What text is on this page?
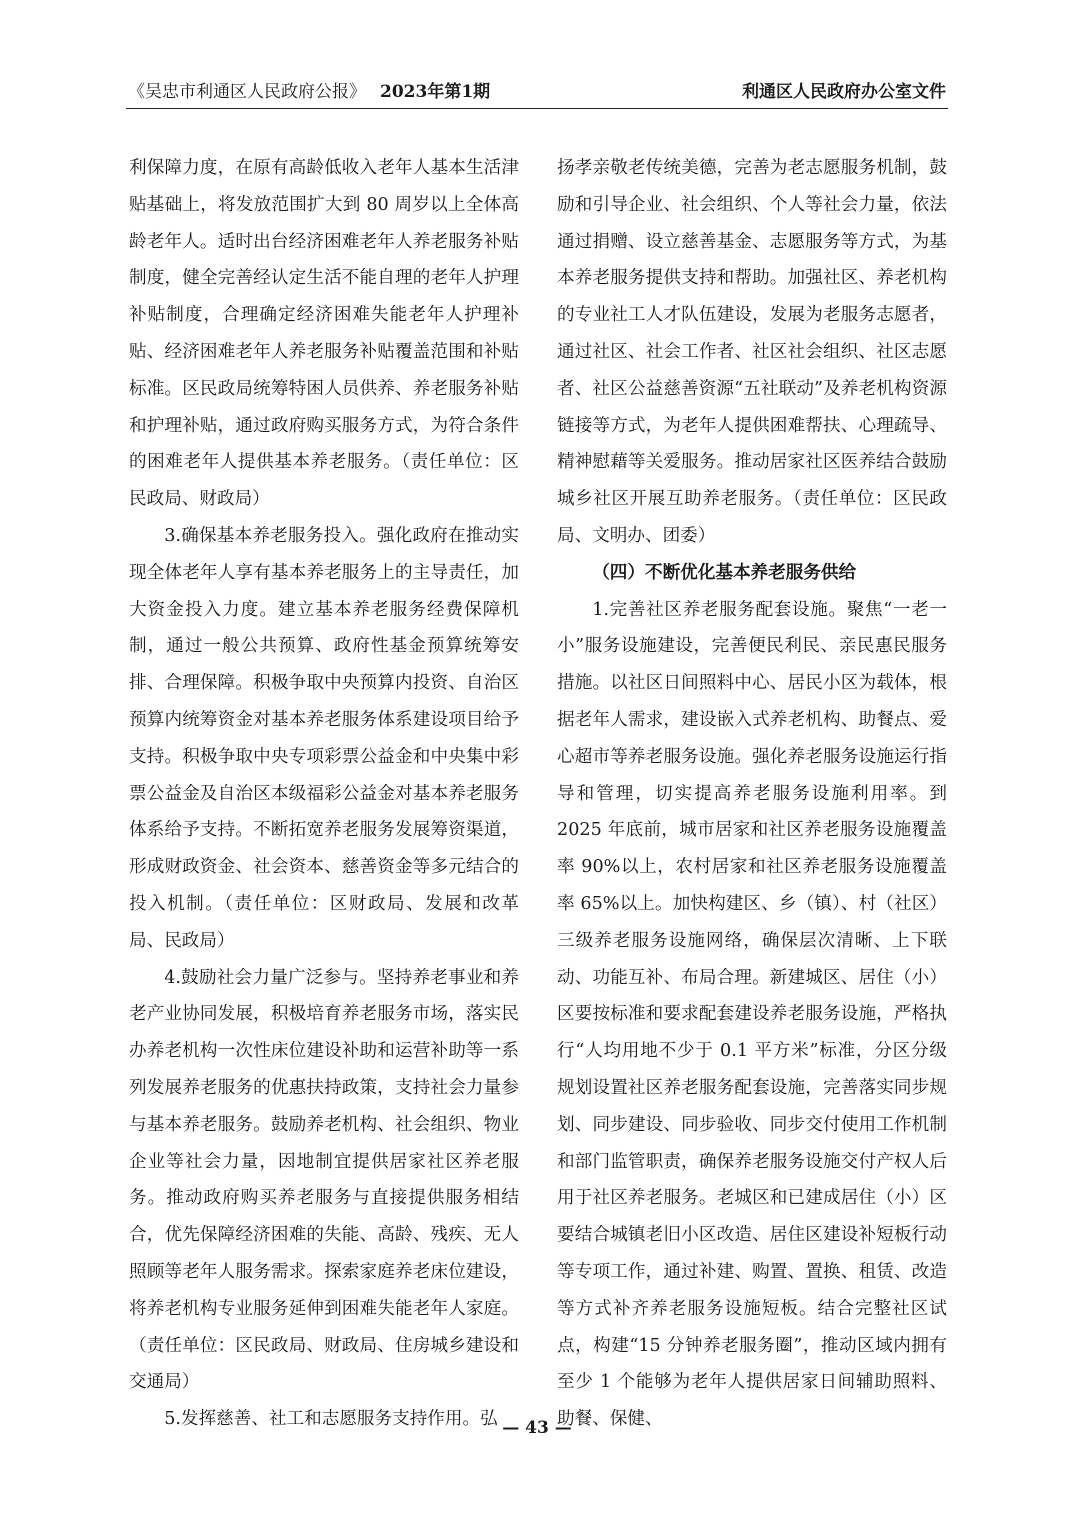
《吴忠市利通区人民政府公报》 2023年第1期	利通区人民政府办公室文件

利保障力度，在原有高龄低收入老年人基本生活津贴基础上，将发放范围扩大到 80 周岁以上全体高龄老年人。适时出台经济困难老年人养老服务补贴制度，健全完善经认定生活不能自理的老年人护理补贴制度，合理确定经济困难失能老年人护理补贴、经济困难老年人养老服务补贴覆盖范围和补贴标准。区民政局统筹特困人员供养、养老服务补贴和护理补贴，通过政府购买服务方式，为符合条件的困难老年人提供基本养老服务。（责任单位：区民政局、财政局）

3.确保基本养老服务投入。强化政府在推动实现全体老年人享有基本养老服务上的主导责任，加大资金投入力度。建立基本养老服务经费保障机制，通过一般公共预算、政府性基金预算统筹安排、合理保障。积极争取中央预算内投资、自治区预算内统筹资金对基本养老服务体系建设项目给予支持。积极争取中央专项彩票公益金和中央集中彩票公益金及自治区本级福彩公益金对基本养老服务体系给予支持。不断拓宽养老服务发展筹资渠道，形成财政资金、社会资本、慈善资金等多元结合的投入机制。（责任单位：区财政局、发展和改革局、民政局）

4.鼓励社会力量广泛参与。坚持养老事业和养老产业协同发展，积极培育养老服务市场，落实民办养老机构一次性床位建设补助和运营补助等一系列发展养老服务的优惠扶持政策，支持社会力量参与基本养老服务。鼓励养老机构、社会组织、物业企业等社会力量，因地制宜提供居家社区养老服务。推动政府购买养老服务与直接提供服务相结合，优先保障经济困难的失能、高龄、残疾、无人照顾等老年人服务需求。探索家庭养老床位建设，将养老机构专业服务延伸到困难失能老年人家庭。（责任单位：区民政局、财政局、住房城乡建设和交通局）

5.发挥慈善、社工和志愿服务支持作用。弘

扬孝亲敬老传统美德，完善为老志愿服务机制，鼓励和引导企业、社会组织、个人等社会力量，依法通过捐赠、设立慈善基金、志愿服务等方式，为基本养老服务提供支持和帮助。加强社区、养老机构的专业社工人才队伍建设，发展为老服务志愿者，通过社区、社会工作者、社区社会组织、社区志愿者、社区公益慈善资源“五社联动”及养老机构资源链接等方式，为老年人提供困难帮扶、心理疏导、精神慰藉等关爱服务。推动居家社区医养结合鼓励城乡社区开展互助养老服务。（责任单位：区民政局、文明办、团委）

（四）不断优化基本养老服务供给

1.完善社区养老服务配套设施。聚焦“一老一小”服务设施建设，完善便民利民、亲民惠民服务措施。以社区日间照料中心、居民小区为载体，根据老年人需求，建设嵌入式养老机构、助餐点、爱心超市等养老服务设施。强化养老服务设施运行指导和管理，切实提高养老服务设施利用率。到 2025 年底前，城市居家和社区养老服务设施覆盖率 90%以上，农村居家和社区养老服务设施覆盖率 65%以上。加快构建区、乡（镇）、村（社区）三级养老服务设施网络，确保层次清晰、上下联动、功能互补、布局合理。新建城区、居住（小）区要按标准和要求配套建设养老服务设施，严格执行“人均用地不少于 0.1 平方米”标准，分区分级规划设置社区养老服务配套设施，完善落实同步规划、同步建设、同步验收、同步交付使用工作机制和部门监管职责，确保养老服务设施交付产权人后用于社区养老服务。老城区和已建成居住（小）区要结合城镇老旧小区改造、居住区建设补短板行动等专项工作，通过补建、购置、置换、租赁、改造等方式补齐养老服务设施短板。结合完整社区试点，构建“15 分钟养老服务圈”，推动区域内拥有至少 1 个能够为老年人提供居家日间辅助照料、助餐、保健、

— 43 —
